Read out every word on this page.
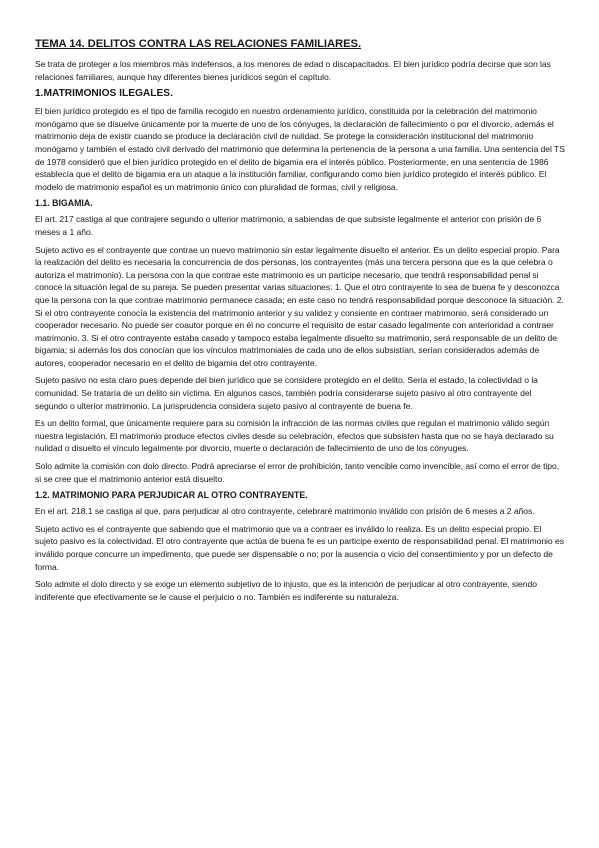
TEMA 14. DELITOS CONTRA LAS RELACIONES FAMILIARES.

Se trata de proteger a los miembros más indefensos, a los menores de edad o discapacitados. El bien jurídico podría decirse que son las relaciones familiares, aunque hay diferentes bienes jurídicos según el capítulo.

1.MATRIMONIOS ILEGALES.

El bien jurídico protegido es el tipo de familia recogido en nuestro ordenamiento jurídico, constituida por la celebración del matrimonio monógamo que se disuelve únicamente por la muerte de uno de los cónyuges, la declaración de fallecimiento o por el divorcio, además el matrimonio deja de existir cuando se produce la declaración civil de nulidad. Se protege la consideración institucional del matrimonio monógamo y también el estado civil derivado del matrimonio que determina la pertenencia de la persona a una familia. Una sentencia del TS de 1978 consideró que el bien jurídico protegido en el delito de bigamia era el interés público. Posteriormente, en una sentencia de 1986 establecía que el delito de bigamia era un ataque a la institución familiar, configurando como bien jurídico protegido el interés público. El modelo de matrimonio español es un matrimonio único con pluralidad de formas, civil y religiosa.

1.1. BIGAMIA.

El art. 217 castiga al que contrajere segundo o ulterior matrimonio, a sabiendas de que subsiste legalmente el anterior con prisión de 6 meses a 1 año.

Sujeto activo es el contrayente que contrae un nuevo matrimonio sin estar legalmente disuelto el anterior. Es un delito especial propio. Para la realización del delito es necesaria la concurrencia de dos personas, los contrayentes (más una tercera persona que es la que celebra o autoriza el matrimonio). La persona con la que contrae este matrimonio es un participe necesario, que tendrá responsabilidad penal si conoce la situación legal de su pareja. Se pueden presentar varias situaciones: 1. Que el otro contrayente lo sea de buena fe y desconozca que la persona con la que contrae matrimonio permanece casada; en este caso no tendrá responsabilidad porque desconoce la situación. 2. Si el otro contrayente conocía la existencia del matrimonio anterior y su validez y consiente en contraer matrimonio, será considerado un cooperador necesario. No puede ser coautor porque en él no concurre el requisito de estar casado legalmente con anterioridad a contraer matrimonio. 3. Si el otro contrayente estaba casado y tampoco estaba legalmente disuelto su matrimonio, será responsable de un delito de bigamia; si además los dos conocían que los vínculos matrimoniales de cada uno de ellos subsistían, serían considerados además de autores, cooperador necesario en el delito de bigamia del otro contrayente.

Sujeto pasivo no esta claro pues depende del bien jurídico que se considere protegido en el delito. Seria el estado, la colectividad o la comunidad. Se trataría de un delito sin víctima. En algunos casos, también podría considerarse sujeto pasivo al otro contrayente del segundo o ulterior matrimonio. La jurisprudencia considera sujeto pasivo al contrayente de buena fe.

Es un delito formal, que únicamente requiere para su comisión la infracción de las normas civiles que regulan el matrimonio válido según nuestra legislación. El matrimonio produce efectos civiles desde su celebración, efectos que subsisten hasta que no se haya declarado su nulidad o disuelto el vínculo legalmente por divorcio, muerte o declaración de fallecimiento de uno de los cónyuges.

Solo admite la comisión con dolo directo. Podrá apreciarse el error de prohibición, tanto vencible como invencible, así como el error de tipo, si se cree que el matrimonio anterior está disuelto.

1.2. MATRIMONIO PARA PERJUDICAR AL OTRO CONTRAYENTE.

En el art. 218.1 se castiga al que, para perjudicar al otro contrayente, celebraré matrimonio inválido con prisión de 6 meses a 2 años.

Sujeto activo es el contrayente que sabiendo que el matrimonio que va a contraer es inválido lo realiza. Es un delito especial propio. El sujeto pasivo es la colectividad. El otro contrayente que actúa de buena fe es un participe exento de responsabilidad penal. El matrimonio es inválido porque concurre un impedimento, que puede ser dispensable o no; por la ausencia o vicio del consentimiento y por un defecto de forma.

Solo admite el dolo directo y se exige un elemento subjetivo de lo injusto, que es la intención de perjudicar al otro contrayente, siendo indiferente que efectivamente se le cause el perjuicio o no. También es indiferente su naturaleza.
